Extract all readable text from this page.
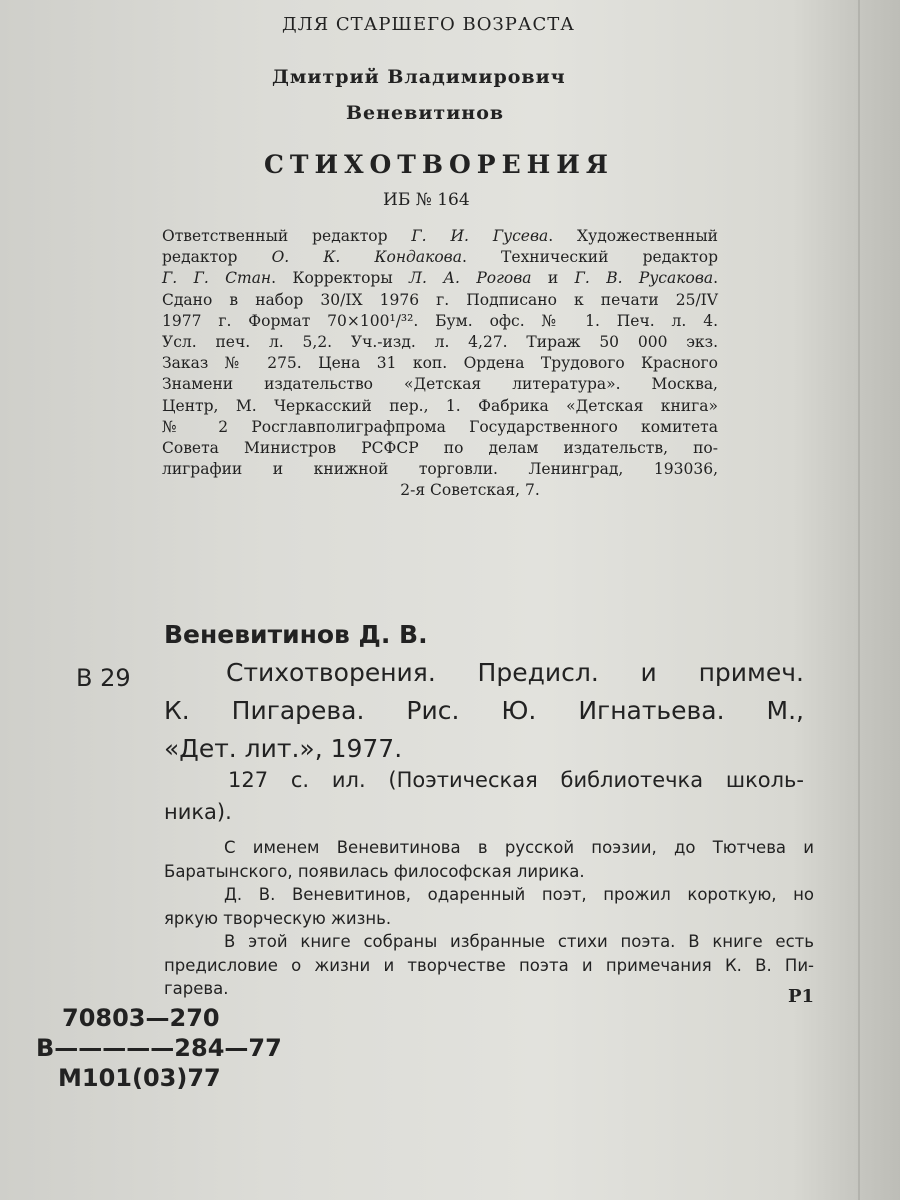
ДЛЯ СТАРШЕГО ВОЗРАСТА
Дмитрий Владимирович
Веневитинов
СТИХОТВОРЕНИЯ
ИБ № 164
Ответственный редактор Г. И. Гусева. Художественный
редактор О. К. Кондакова. Технический редактор
Г. Г. Стан. Корректоры Л. А. Рогова и Г. В. Русакова.
Сдано в набор 30/IX 1976 г. Подписано к печати 25/IV
1977 г. Формат 70×100¹/³². Бум. офс. № 1. Печ. л. 4.
Усл. печ. л. 5,2. Уч.-изд. л. 4,27. Тираж 50 000 экз.
Заказ № 275. Цена 31 коп. Ордена Трудового Красного
Знамени издательство «Детская литература». Москва,
Центр, М. Черкасский пер., 1. Фабрика «Детская книга»
№ 2 Росглавполиграфпрома Государственного комитета
Совета Министров РСФСР по делам издательств, по-
лиграфии и книжной торговли. Ленинград, 193036,
2-я Советская, 7.
Веневитинов Д. В.
В 29	Стихотворения. Предисл. и примеч.
К. Пигарева. Рис. Ю. Игнатьева. М.,
«Дет. лит.», 1977.
127 с. ил. (Поэтическая библиотечка школь-
ника).
С именем Веневитинова в русской поэзии, до Тютчева и
Баратынского, появилась философская лирика.
Д. В. Веневитинов, одаренный поэт, прожил короткую, но
яркую творческую жизнь.
В этой книге собраны избранные стихи поэта. В книге есть
предисловие о жизни и творчестве поэта и примечания К. В. Пи-
гарева.	Р1
70803—270
В—————284—77
М101(03)77
